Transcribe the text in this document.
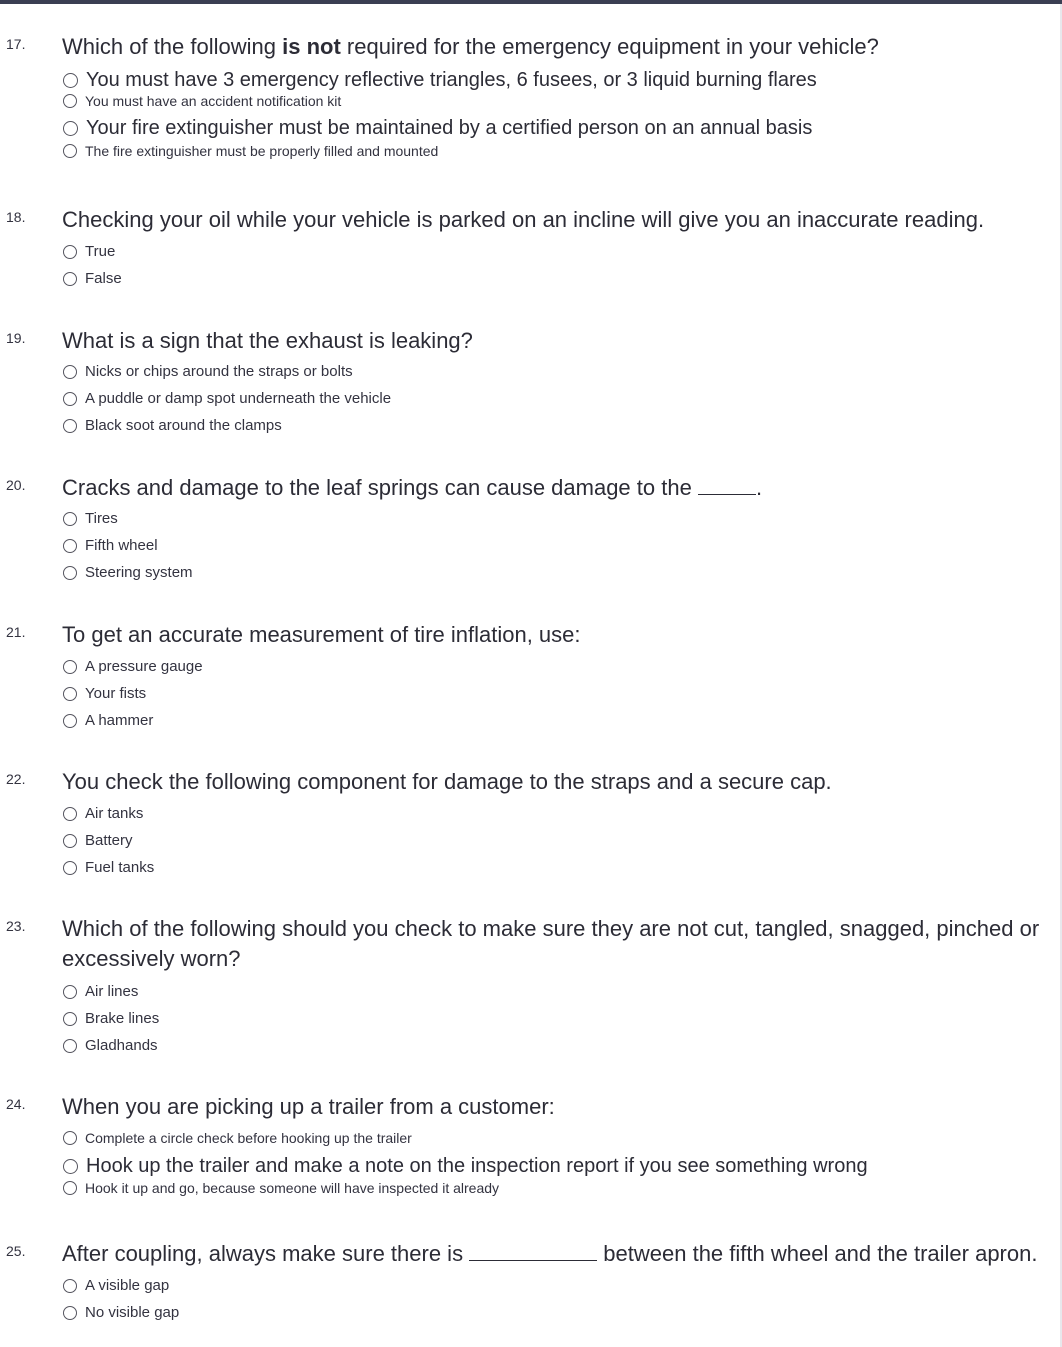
17. Which of the following is not required for the emergency equipment in your vehicle?
You must have 3 emergency reflective triangles, 6 fusees, or 3 liquid burning flares
You must have an accident notification kit
Your fire extinguisher must be maintained by a certified person on an annual basis
The fire extinguisher must be properly filled and mounted
18. Checking your oil while your vehicle is parked on an incline will give you an inaccurate reading.
True
False
19. What is a sign that the exhaust is leaking?
Nicks or chips around the straps or bolts
A puddle or damp spot underneath the vehicle
Black soot around the clamps
20. Cracks and damage to the leaf springs can cause damage to the	.
Tires
Fifth wheel
Steering system
21. To get an accurate measurement of tire inflation, use:
A pressure gauge
Your fists
A hammer
22. You check the following component for damage to the straps and a secure cap.
Air tanks
Battery
Fuel tanks
23. Which of the following should you check to make sure they are not cut, tangled, snagged, pinched or excessively worn?
Air lines
Brake lines
Gladhands
24. When you are picking up a trailer from a customer:
Complete a circle check before hooking up the trailer
Hook up the trailer and make a note on the inspection report if you see something wrong
Hook it up and go, because someone will have inspected it already
25. After coupling, always make sure there is	between the fifth wheel and the trailer apron.
A visible gap
No visible gap
